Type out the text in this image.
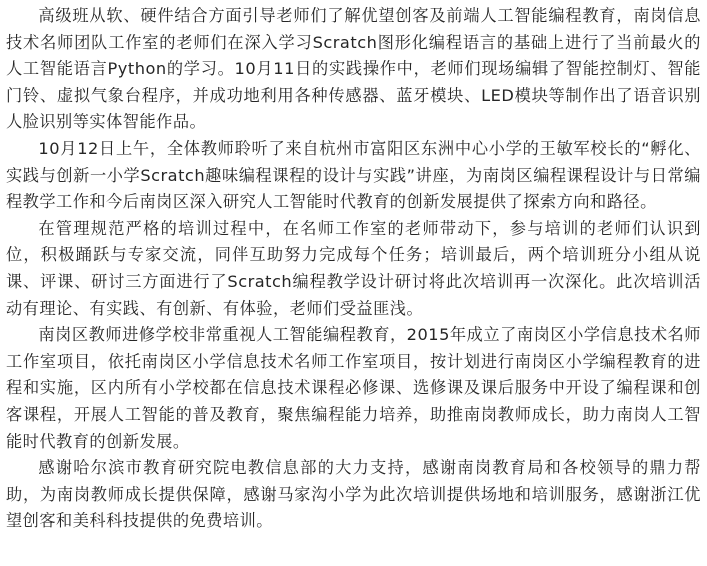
高级班从软、硬件结合方面引导老师们了解优望创客及前端人工智能编程教育，南岗信息技术名师团队工作室的老师们在深入学习Scratch图形化编程语言的基础上进行了当前最火的人工智能语言Python的学习。10月11日的实践操作中，老师们现场编辑了智能控制灯、智能门铃、虚拟气象台程序，并成功地利用各种传感器、蓝牙模块、LED模块等制作出了语音识别人脸识别等实体智能作品。

10月12日上午，全体教师聆听了来自杭州市富阳区东洲中心小学的王敏军校长的“孵化、实践与创新一小学Scratch趣味编程课程的设计与实践”讲座，为南岗区编程课程设计与日常编程教学工作和今后南岗区深入研究人工智能时代教育的创新发展提供了探索方向和路径。

在管理规范严格的培训过程中，在名师工作室的老师带动下，参与培训的老师们认识到位，积极踊跃与专家交流，同伴互助努力完成每个任务；培训最后，两个培训班分小组从说课、评课、研讨三方面进行了Scratch编程教学设计研讨将此次培训再一次深化。此次培训活动有理论、有实践、有创新、有体验，老师们受益匪浅。

南岗区教师进修学校非常重视人工智能编程教育，2015年成立了南岗区小学信息技术名师工作室项目，依托南岗区小学信息技术名师工作室项目，按计划进行南岗区小学编程教育的进程和实施，区内所有小学校都在信息技术课程必修课、选修课及课后服务中开设了编程课和创客课程，开展人工智能的普及教育，聚焦编程能力培养，助推南岗教师成长，助力南岗人工智能时代教育的创新发展。

感谢哈尔滨市教育研究院电教信息部的大力支持，感谢南岗教育局和各校领导的鼎力帮助，为南岗教师成长提供保障，感谢马家沟小学为此次培训提供场地和培训服务，感谢浙江优望创客和美科科技提供的免费培训。
